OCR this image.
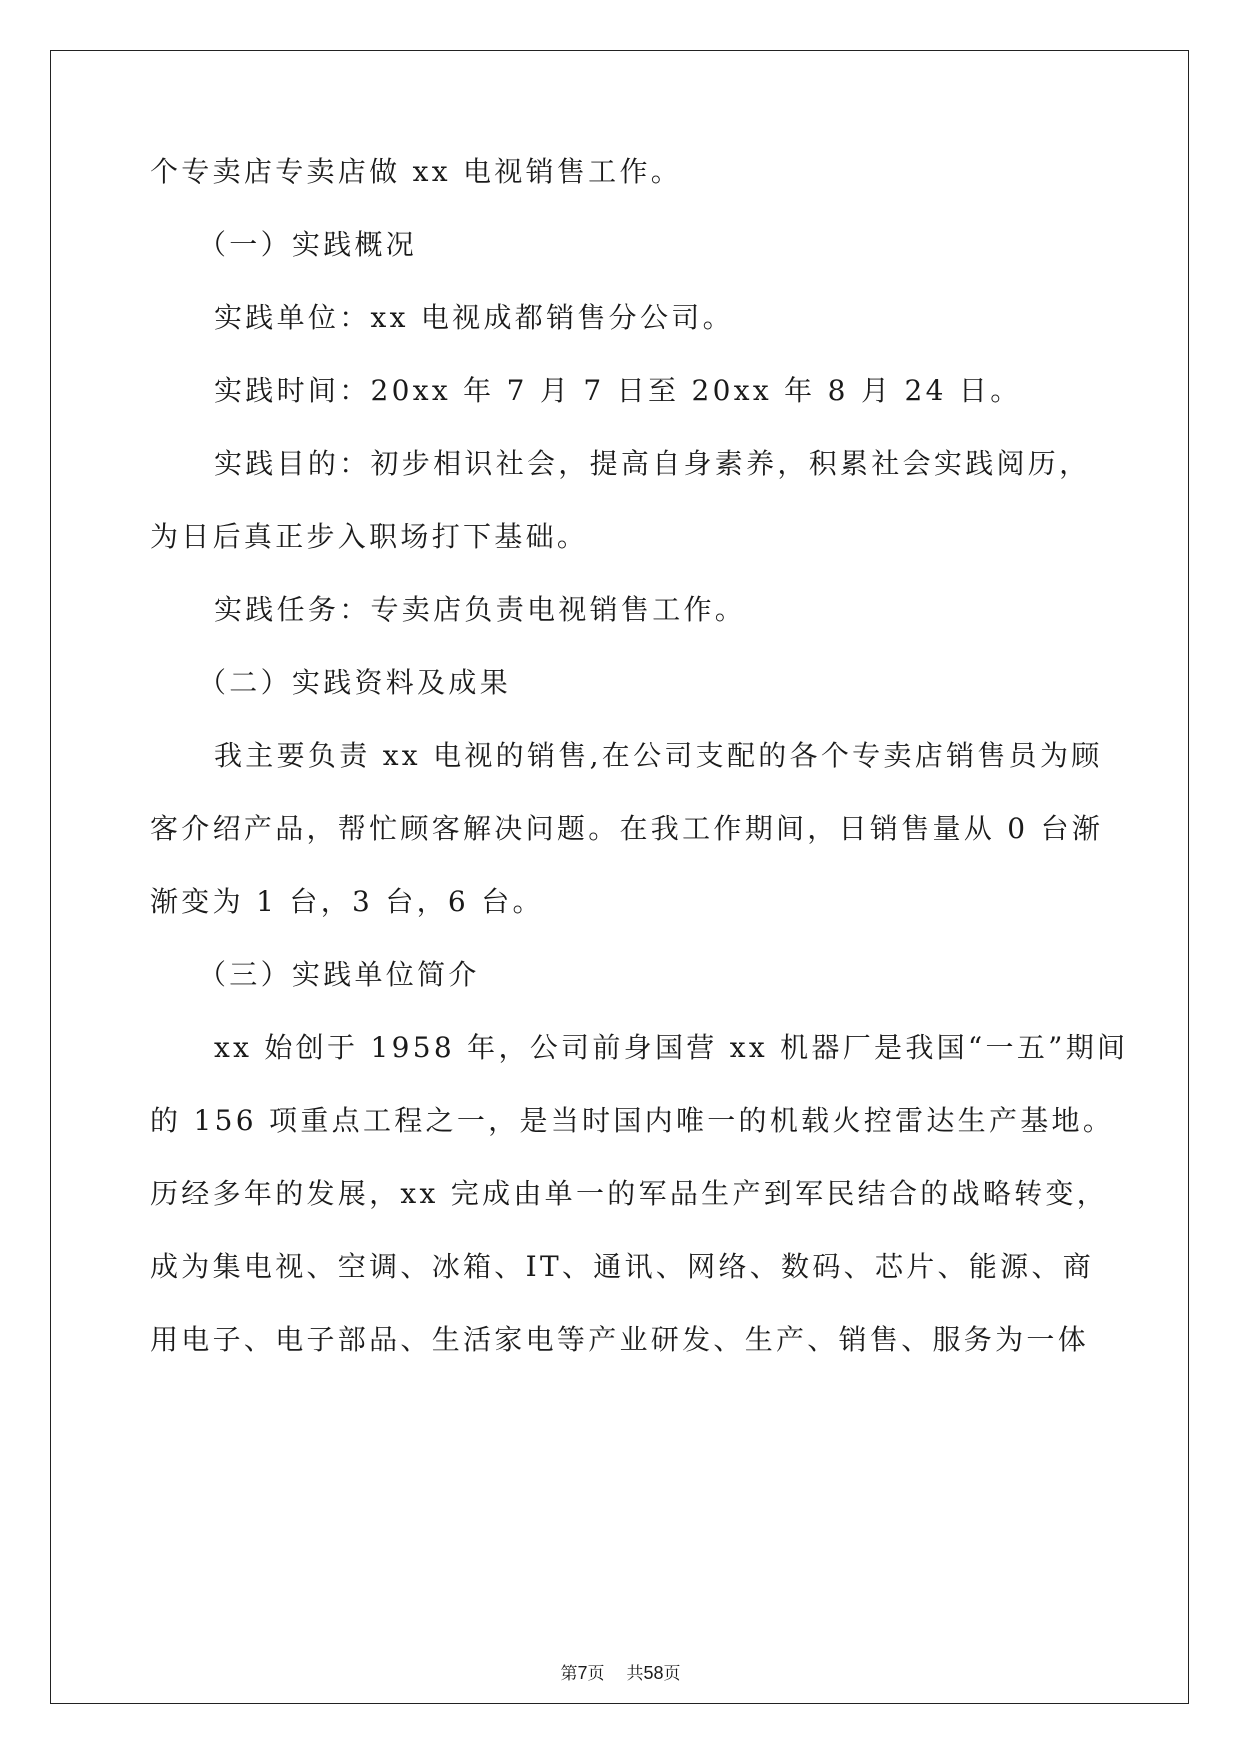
个专卖店专卖店做 xx 电视销售工作。
（一）实践概况
实践单位：xx 电视成都销售分公司。
实践时间：20xx 年 7 月 7 日至 20xx 年 8 月 24 日。
实践目的：初步相识社会，提高自身素养，积累社会实践阅历，
为日后真正步入职场打下基础。
实践任务：专卖店负责电视销售工作。
（二）实践资料及成果
我主要负责 xx 电视的销售,在公司支配的各个专卖店销售员为顾
客介绍产品，帮忙顾客解决问题。在我工作期间，日销售量从 0 台渐
渐变为 1 台，3 台，6 台。
（三）实践单位简介
xx 始创于 1958 年，公司前身国营 xx 机器厂是我国“一五”期间
的 156 项重点工程之一，是当时国内唯一的机载火控雷达生产基地。
历经多年的发展，xx 完成由单一的军品生产到军民结合的战略转变，
成为集电视、空调、冰箱、IT、通讯、网络、数码、芯片、能源、商
用电子、电子部品、生活家电等产业研发、生产、销售、服务为一体
第7页 共58页
